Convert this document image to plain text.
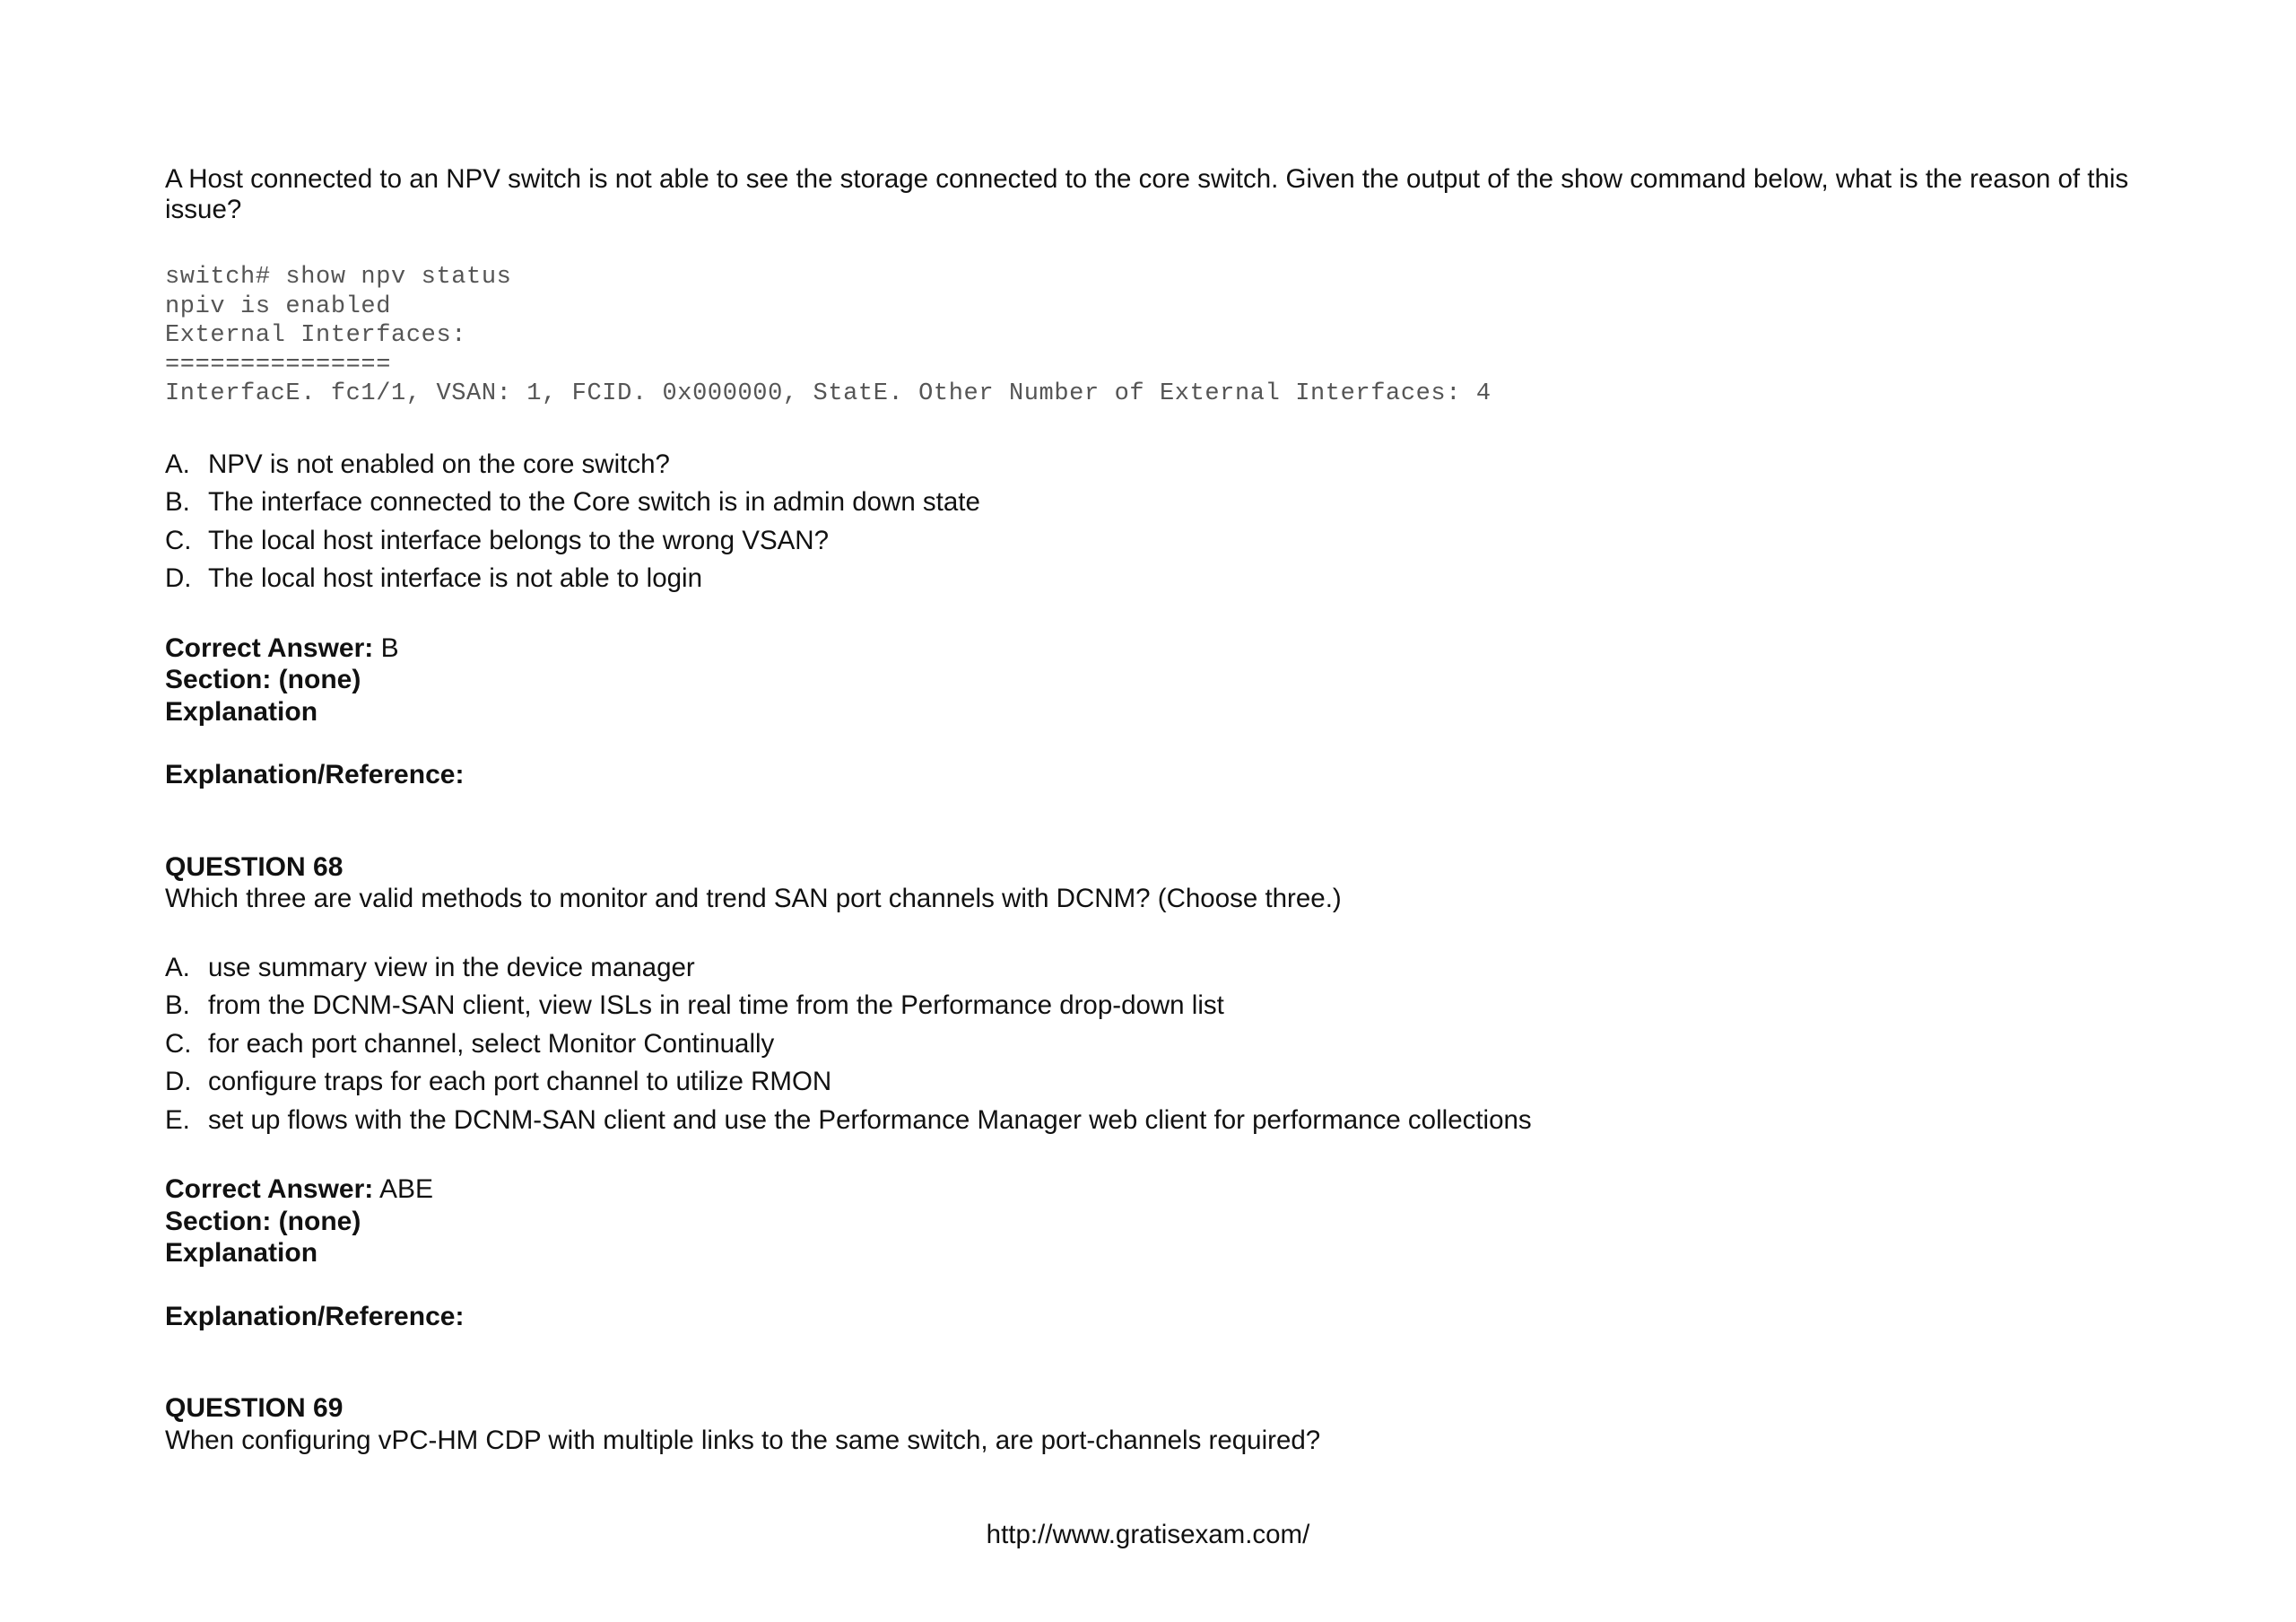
A Host connected to an NPV switch is not able to see the storage connected to the core switch. Given the output of the show command below, what is the reason of this issue?

switch# show npv status
npiv is enabled
External Interfaces:
===============
InterfacE. fc1/1, VSAN: 1, FCID. 0x000000, StatE. Other Number of External Interfaces: 4
A. NPV is not enabled on the core switch?
B. The interface connected to the Core switch is in admin down state
C. The local host interface belongs to the wrong VSAN?
D. The local host interface is not able to login
Correct Answer: B
Section: (none)
Explanation
Explanation/Reference:
QUESTION 68
Which three are valid methods to monitor and trend SAN port channels with DCNM? (Choose three.)
A. use summary view in the device manager
B. from the DCNM-SAN client, view ISLs in real time from the Performance drop-down list
C. for each port channel, select Monitor Continually
D. configure traps for each port channel to utilize RMON
E. set up flows with the DCNM-SAN client and use the Performance Manager web client for performance collections
Correct Answer: ABE
Section: (none)
Explanation
Explanation/Reference:
QUESTION 69
When configuring vPC-HM CDP with multiple links to the same switch, are port-channels required?
http://www.gratisexam.com/
